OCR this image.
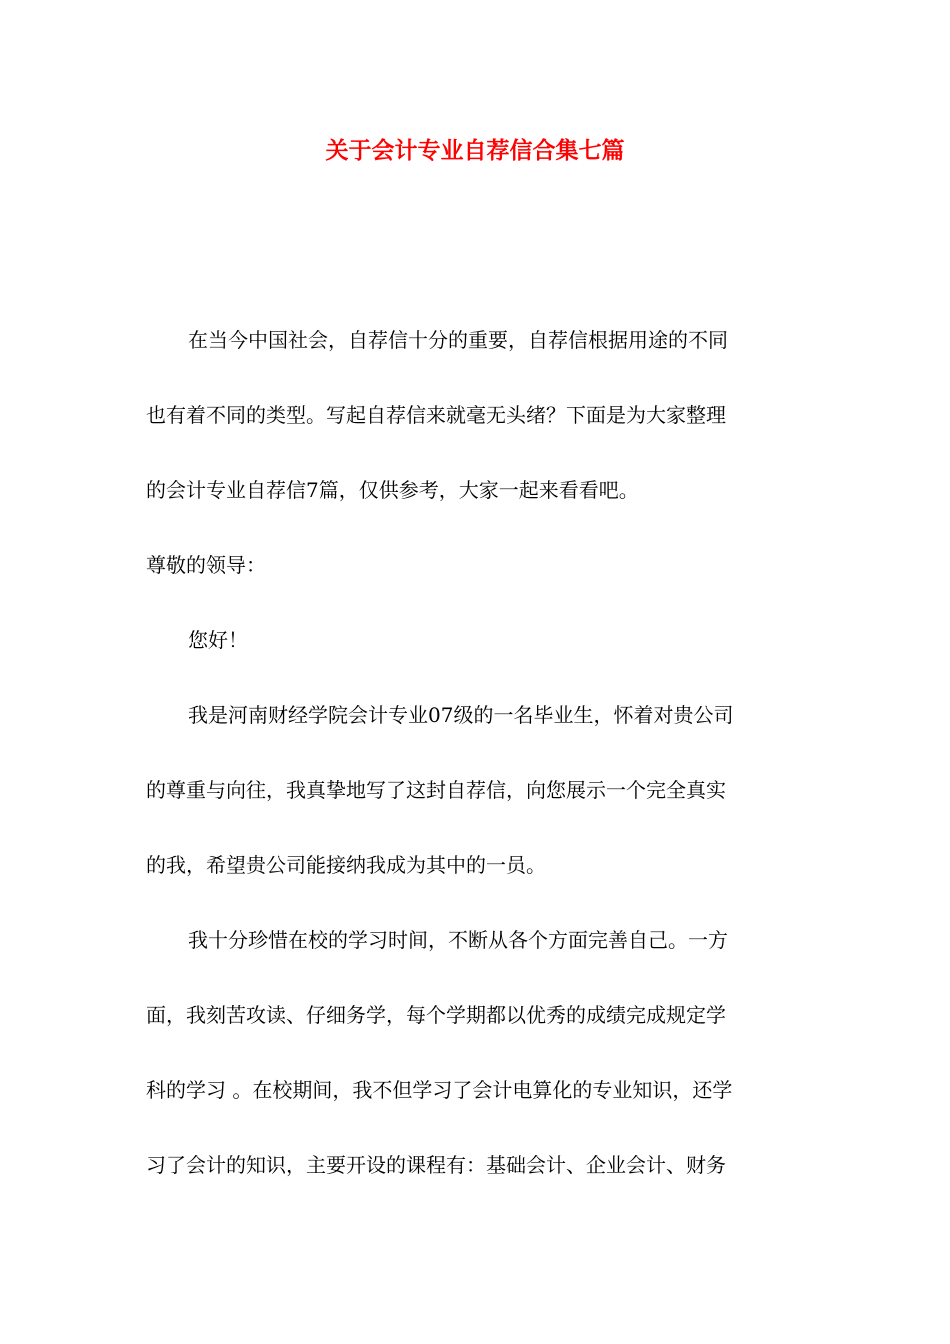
关于会计专业自荐信合集七篇

在当今中国社会，自荐信十分的重要，自荐信根据用途的不同

也有着不同的类型。写起自荐信来就毫无头绪？下面是为大家整理

的会计专业自荐信7篇，仅供参考，大家一起来看看吧。

尊敬的领导：

您好！

我是河南财经学院会计专业07级的一名毕业生，怀着对贵公司

的尊重与向往，我真挚地写了这封自荐信，向您展示一个完全真实

的我，希望贵公司能接纳我成为其中的一员。

我十分珍惜在校的学习时间，不断从各个方面完善自己。一方

面，我刻苦攻读、仔细务学，每个学期都以优秀的成绩完成规定学

科的学习 。在校期间，我不但学习了会计电算化的专业知识，还学

习了会计的知识，主要开设的课程有：基础会计、企业会计、财务
